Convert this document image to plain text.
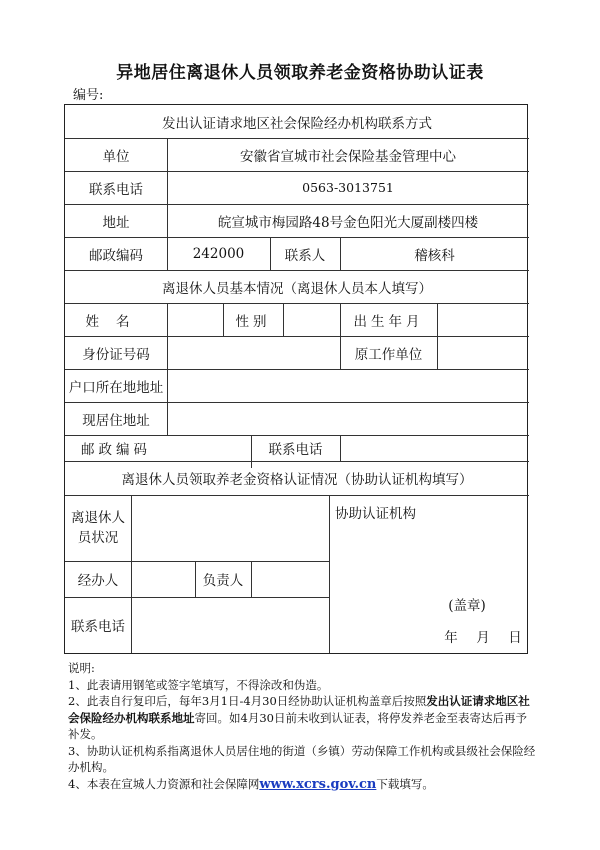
异地居住离退休人员领取养老金资格协助认证表
编号:
发出认证请求地区社会保险经办机构联系方式
单位	安徽省宣城市社会保险基金管理中心
联系电话	0563-3013751
地址	皖宣城市梅园路48号金色阳光大厦副楼四楼
邮政编码	242000	联系人	稽核科
离退休人员基本情况（离退休人员本人填写）
姓名	性别	出生年月
身份证号码	原工作单位
户口所在地地址
现居住地址
邮政编码	联系电话
离退休人员领取养老金资格认证情况（协助认证机构填写）
离退休人员状况
协助认证机构
经办人	负责人
联系电话
(盖章)
年 月 日

说明:

1、此表请用钢笔或签字笔填写，不得涂改和伪造。

2、此表自行复印后，每年3月1日-4月30日经协助认证机构盖章后按照发出认证请求地区社会保险经办机构联系地址寄回。如4月30日前未收到认证表，将停发养老金至表寄达后再予补发。

3、协助认证机构系指离退休人员居住地的街道（乡镇）劳动保障工作机构或县级社会保险经办机构。

4、本表在宣城人力资源和社会保障网www.xcrs.gov.cn下载填写。
